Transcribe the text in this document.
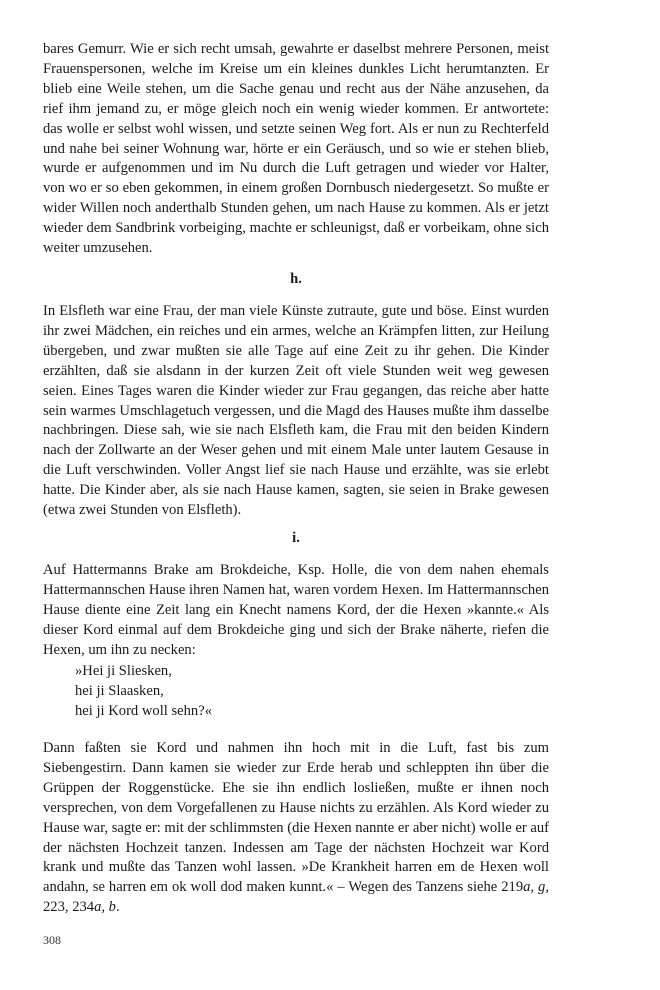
bares Gemurr. Wie er sich recht umsah, gewahrte er daselbst mehrere Personen, meist Frauenspersonen, welche im Kreise um ein kleines dunkles Licht herumtanzten. Er blieb eine Weile stehen, um die Sache genau und recht aus der Nähe anzusehen, da rief ihm jemand zu, er möge gleich noch ein wenig wieder kommen. Er antwortete: das wolle er selbst wohl wissen, und setzte seinen Weg fort. Als er nun zu Rechterfeld und nahe bei seiner Wohnung war, hörte er ein Geräusch, und so wie er stehen blieb, wurde er aufgenommen und im Nu durch die Luft getragen und wieder vor Halter, von wo er so eben gekommen, in einem großen Dornbusch niedergesetzt. So mußte er wider Willen noch anderthalb Stunden gehen, um nach Hause zu kommen. Als er jetzt wieder dem Sandbrink vorbeiging, machte er schleunigst, daß er vorbeikam, ohne sich weiter umzusehen.

h.

In Elsfleth war eine Frau, der man viele Künste zutraute, gute und böse. Einst wurden ihr zwei Mädchen, ein reiches und ein armes, welche an Krämpfen litten, zur Heilung übergeben, und zwar mußten sie alle Tage auf eine Zeit zu ihr gehen. Die Kinder erzählten, daß sie alsdann in der kurzen Zeit oft viele Stunden weit weg gewesen seien. Eines Tages waren die Kinder wieder zur Frau gegangen, das reiche aber hatte sein warmes Umschlagetuch vergessen, und die Magd des Hauses mußte ihm dasselbe nachbringen. Diese sah, wie sie nach Elsfleth kam, die Frau mit den beiden Kindern nach der Zollwarte an der Weser gehen und mit einem Male unter lautem Gesause in die Luft verschwinden. Voller Angst lief sie nach Hause und erzählte, was sie erlebt hatte. Die Kinder aber, als sie nach Hause kamen, sagten, sie seien in Brake gewesen (etwa zwei Stunden von Elsfleth).

i.

Auf Hattermanns Brake am Brokdeiche, Ksp. Holle, die von dem nahen ehemals Hattermannschen Hause ihren Namen hat, waren vordem Hexen. Im Hattermannschen Hause diente eine Zeit lang ein Knecht namens Kord, der die Hexen »kannte.« Als dieser Kord einmal auf dem Brokdeiche ging und sich der Brake näherte, riefen die Hexen, um ihn zu necken:

»Hei ji Sliesken,
hei ji Slaasken,
hei ji Kord woll sehn?«

Dann faßten sie Kord und nahmen ihn hoch mit in die Luft, fast bis zum Siebengestirn. Dann kamen sie wieder zur Erde herab und schleppten ihn über die Grüppen der Roggenstücke. Ehe sie ihn endlich losließen, mußte er ihnen noch versprechen, von dem Vorgefallenen zu Hause nichts zu erzählen. Als Kord wieder zu Hause war, sagte er: mit der schlimmsten (die Hexen nannte er aber nicht) wolle er auf der nächsten Hochzeit tanzen. Indessen am Tage der nächsten Hochzeit war Kord krank und mußte das Tanzen wohl lassen. »De Krankheit harren em de Hexen woll andahn, se harren em ok woll dod maken kunnt.« – Wegen des Tanzens siehe 219a, g, 223, 234a, b.

308
